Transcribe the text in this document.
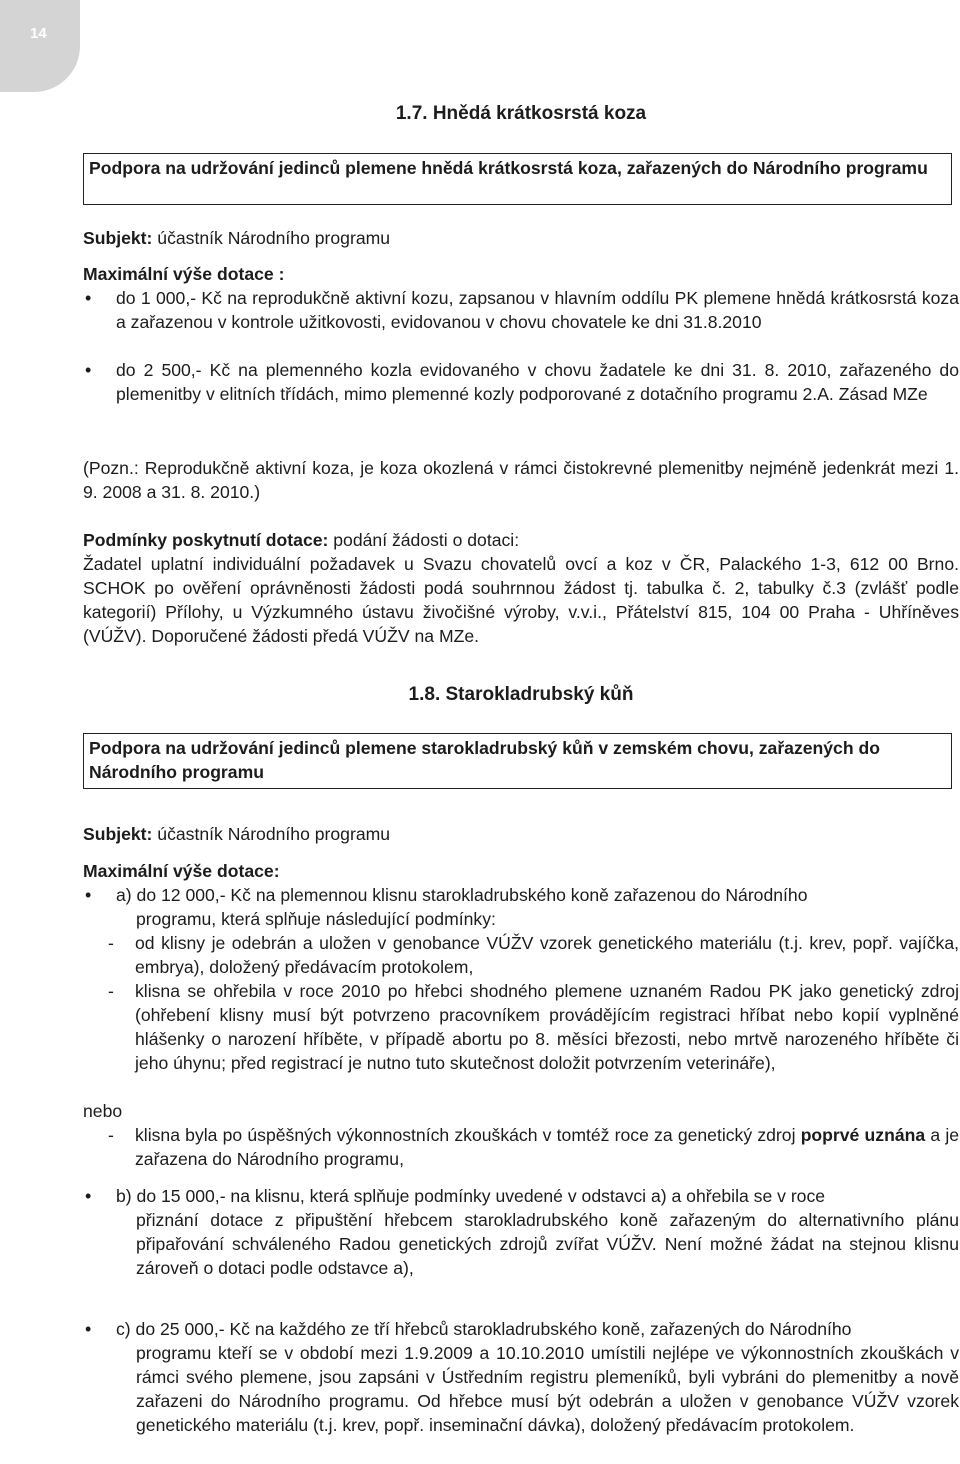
14
1.7. Hnědá krátkosrstá koza
Podpora na udržování jedinců plemene hnědá krátkosrstá koza, zařazených do Národního programu
Subjekt: účastník Národního programu
Maximální výše dotace :
• do 1 000,- Kč na reprodukčně aktivní kozu, zapsanou v hlavním oddílu PK plemene hnědá krátkosrstá koza a zařazenou v kontrole užitkovosti, evidovanou v chovu chovatele ke dni 31.8.2010
• do 2 500,- Kč na plemenného kozla evidovaného v chovu žadatele ke dni 31. 8. 2010, zařazeného do plemenitby v elitních třídách, mimo plemenné kozly podporované z dotačního programu 2.A. Zásad MZe
(Pozn.: Reprodukčně aktivní koza, je koza okozlená v rámci čistokrevné plemenitby nejméně jedenkrát mezi 1. 9. 2008 a 31. 8. 2010.)
Podmínky poskytnutí dotace: podání žádosti o dotaci:
Žadatel uplatní individuální požadavek u Svazu chovatelů ovcí a koz v ČR, Palackého 1-3, 612 00 Brno. SCHOK po ověření oprávněnosti žádosti podá souhrnnou žádost tj. tabulka č. 2, tabulky č.3 (zvlášť podle kategorií) Přílohy, u Výzkumného ústavu živočišné výroby, v.v.i., Přátelství 815, 104 00 Praha - Uhříněves (VÚŽV). Doporučené žádosti předá VÚŽV na MZe.
1.8. Starokladrubský kůň
Podpora na udržování jedinců plemene starokladrubský kůň v zemském chovu, zařazených do Národního programu
Subjekt: účastník Národního programu
Maximální výše dotace:
• a) do 12 000,- Kč na plemennou klisnu starokladrubského koně zařazenou do Národního
programu, která splňuje následující podmínky:
- od klisny je odebrán a uložen v genobance VÚŽV vzorek genetického materiálu (t.j. krev, popř. vajíčka, embrya), doložený předávacím protokolem,
- klisna se ohřebila v roce 2010 po hřebci shodného plemene uznaném Radou PK jako genetický zdroj (ohřebení klisny musí být potvrzeno pracovníkem provádějícím registraci hříbat nebo kopií vyplněné hlášenky o narození hříběte, v případě abortu po 8. měsíci březosti, nebo mrtvě narozeného hříběte či jeho úhynu; před registrací je nutno tuto skutečnost doložit potvrzením veterináře),
nebo
- klisna byla po úspěšných výkonnostních zkouškách v tomtéž roce za genetický zdroj poprvé uznána a je zařazena do Národního programu,
• b) do 15 000,- na klisnu, která splňuje podmínky uvedené v odstavci a) a ohřebila se v roce
přiznání dotace z připuštění hřebcem starokladrubského koně zařazeným do alternativního plánu připařování schváleného Radou genetických zdrojů zvířat VÚŽV. Není možné žádat na stejnou klisnu zároveň o dotaci podle odstavce a),
• c) do 25 000,- Kč na každého ze tří hřebců starokladrubského koně, zařazených do Národního
programu kteří se v období mezi 1.9.2009 a 10.10.2010 umístili nejlépe ve výkonnostních zkouškách v rámci svého plemene, jsou zapsáni v Ústředním registru plemeníků, byli vybráni do plemenitby a nově zařazeni do Národního programu. Od hřebce musí být odebrán a uložen v genobance VÚŽV vzorek genetického materiálu (t.j. krev, popř. inseminační dávka), doložený předávacím protokolem.
